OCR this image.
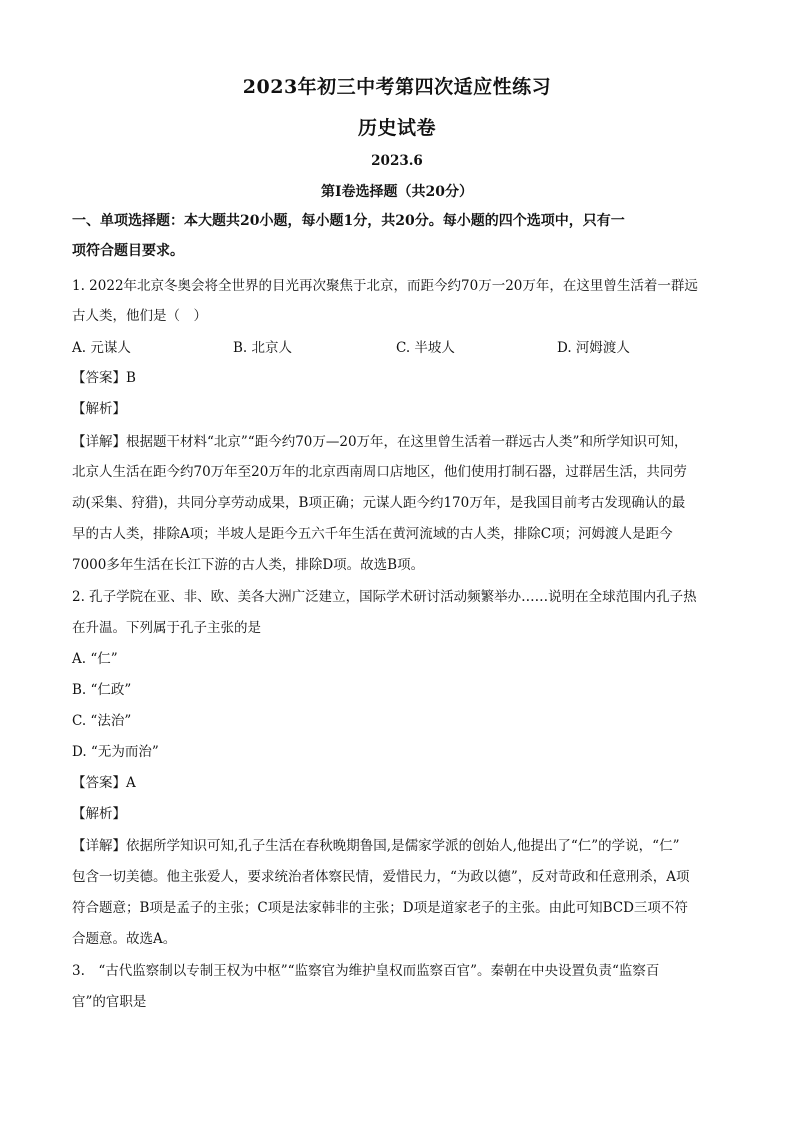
2023年初三中考第四次适应性练习
历史试卷
2023.6
第Ⅰ卷选择题（共20分）
一、单项选择题：本大题共20小题，每小题1分，共20分。每小题的四个选项中，只有一
项符合题目要求。
1. 2022年北京冬奥会将全世界的目光再次聚焦于北京，而距今约70万一20万年，在这里曾生活着一群远
古人类，他们是（　）
A. 元谋人	B. 北京人	C. 半坡人	D. 河姆渡人
【答案】B
【解析】
【详解】根据题干材料“北京”“距今约70万—20万年，在这里曾生活着一群远古人类”和所学知识可知，
北京人生活在距今约70万年至20万年的北京西南周口店地区，他们使用打制石器，过群居生活，共同劳
动(采集、狩猎)，共同分享劳动成果，B项正确；元谋人距今约170万年，是我国目前考古发现确认的最
早的古人类，排除A项；半坡人是距今五六千年生活在黄河流域的古人类，排除C项；河姆渡人是距今
7000多年生活在长江下游的古人类，排除D项。故选B项。
2. 孔子学院在亚、非、欧、美各大洲广泛建立，国际学术研讨活动频繁举办……说明在全球范围内孔子热
在升温。下列属于孔子主张的是
A. “仁”
B. “仁政”
C. “法治”
D. “无为而治”
【答案】A
【解析】
【详解】依据所学知识可知,孔子生活在春秋晚期鲁国,是儒家学派的创始人,他提出了“仁”的学说，“仁”
包含一切美德。他主张爱人，要求统治者体察民情，爱惜民力，“为政以德”，反对苛政和任意刑杀，A项
符合题意；B项是孟子的主张；C项是法家韩非的主张；D项是道家老子的主张。由此可知BCD三项不符
合题意。故选A。
3.　“古代监察制以专制王权为中枢”“监察官为维护皇权而监察百官”。秦朝在中央设置负责“监察百
官”的官职是
